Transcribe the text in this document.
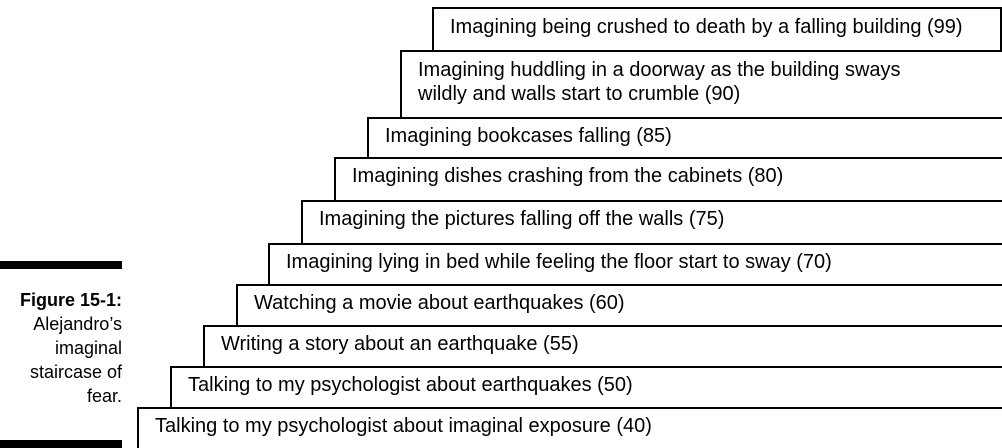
Figure 15-1:
Alejandro’s
imaginal
staircase of
fear.
Talking to my psychologist about imaginal exposure (40)
Talking to my psychologist about earthquakes (50)
Writing a story about an earthquake (55)
Watching a movie about earthquakes (60)
Imagining lying in bed while feeling the floor start to sway (70)
Imagining the pictures falling off the walls (75)
Imagining dishes crashing from the cabinets (80)
Imagining bookcases falling (85)
Imagining huddling in a doorway as the building sways
wildly and walls start to crumble (90)
Imagining being crushed to death by a falling building (99)
